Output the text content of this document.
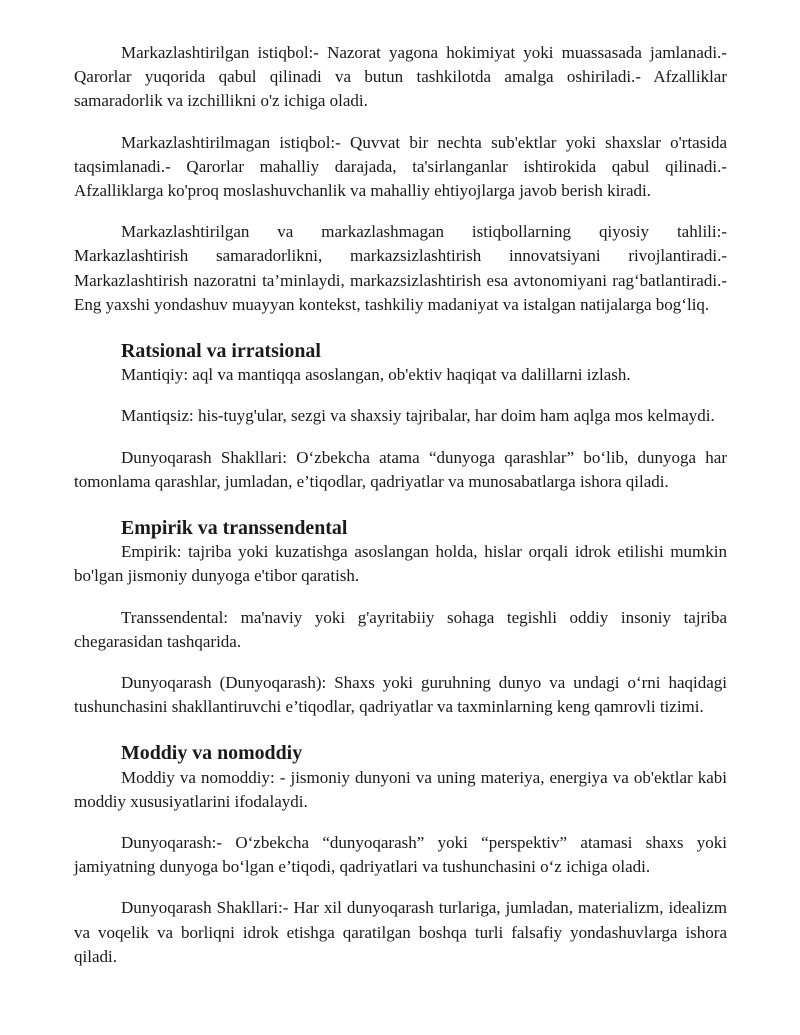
Markazlashtirilgan istiqbol:- Nazorat yagona hokimiyat yoki muassasada jamlanadi.- Qarorlar yuqorida qabul qilinadi va butun tashkilotda amalga oshiriladi.- Afzalliklar samaradorlik va izchillikni o'z ichiga oladi.

Markazlashtirilmagan istiqbol:- Quvvat bir nechta sub'ektlar yoki shaxslar o'rtasida taqsimlanadi.- Qarorlar mahalliy darajada, ta'sirlanganlar ishtirokida qabul qilinadi.- Afzalliklarga ko'proq moslashuvchanlik va mahalliy ehtiyojlarga javob berish kiradi.

Markazlashtirilgan va markazlashmagan istiqbollarning qiyosiy tahlili:- Markazlashtirish samaradorlikni, markazsizlashtirish innovatsiyani rivojlantiradi.- Markazlashtirish nazoratni ta’minlaydi, markazsizlashtirish esa avtonomiyani rag‘batlantiradi.- Eng yaxshi yondashuv muayyan kontekst, tashkiliy madaniyat va istalgan natijalarga bog‘liq.

Ratsional va irratsional

Mantiqiy: aql va mantiqqa asoslangan, ob'ektiv haqiqat va dalillarni izlash.

Mantiqsiz: his-tuyg'ular, sezgi va shaxsiy tajribalar, har doim ham aqlga mos kelmaydi.

Dunyoqarash Shakllari: O‘zbekcha atama “dunyoga qarashlar” bo‘lib, dunyoga har tomonlama qarashlar, jumladan, e’tiqodlar, qadriyatlar va munosabatlarga ishora qiladi.

Empirik va transsendental

Empirik: tajriba yoki kuzatishga asoslangan holda, hislar orqali idrok etilishi mumkin bo'lgan jismoniy dunyoga e'tibor qaratish.

Transsendental: ma'naviy yoki g'ayritabiiy sohaga tegishli oddiy insoniy tajriba chegarasidan tashqarida.

Dunyoqarash (Dunyoqarash): Shaxs yoki guruhning dunyo va undagi o‘rni haqidagi tushunchasini shakllantiruvchi e’tiqodlar, qadriyatlar va taxminlarning keng qamrovli tizimi.

Moddiy va nomoddiy

Moddiy va nomoddiy: - jismoniy dunyoni va uning materiya, energiya va ob'ektlar kabi moddiy xususiyatlarini ifodalaydi.

Dunyoqarash:- O‘zbekcha “dunyoqarash” yoki “perspektiv” atamasi shaxs yoki jamiyatning dunyoga bo‘lgan e’tiqodi, qadriyatlari va tushunchasini o‘z ichiga oladi.

Dunyoqarash Shakllari:- Har xil dunyoqarash turlariga, jumladan, materializm, idealizm va voqelik va borliqni idrok etishga qaratilgan boshqa turli falsafiy yondashuvlarga ishora qiladi.
